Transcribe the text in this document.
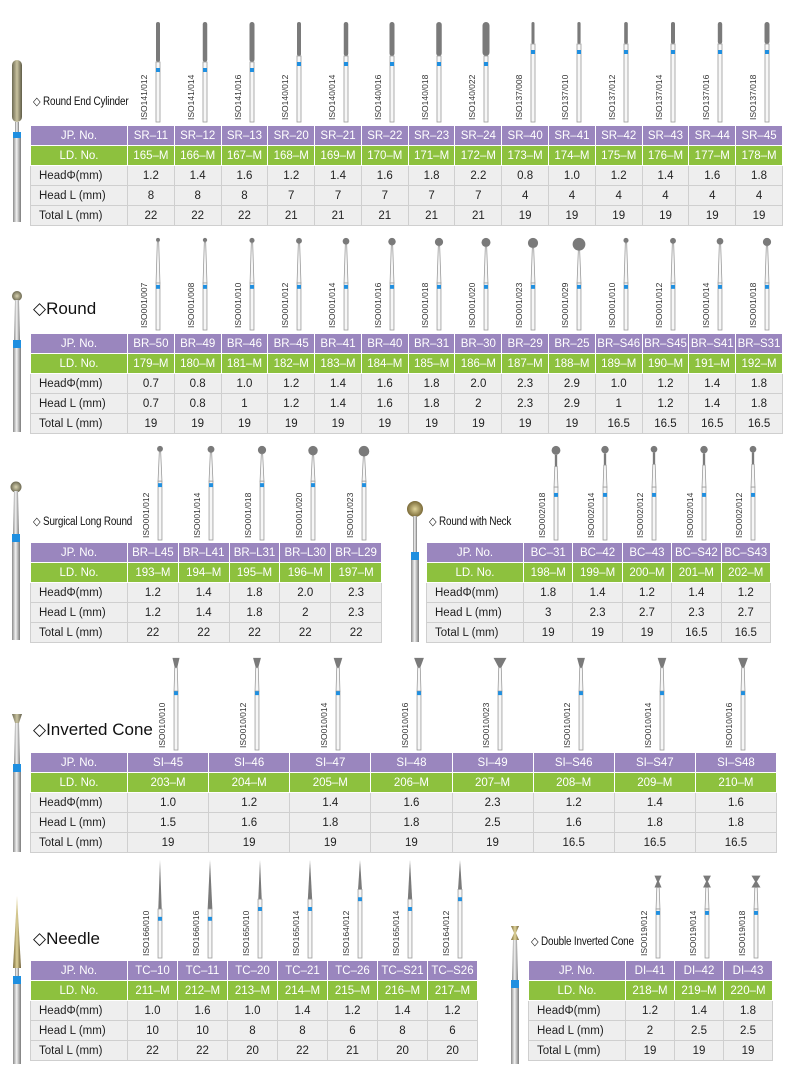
◇ Round End Cylinder ISO141/012	ISO141/014	ISO141/016	ISO140/012	ISO140/014	ISO140/016	ISO140/018	ISO140/022	ISO137/008	ISO137/010	ISO137/012	ISO137/014	ISO137/016	ISO137/018
JP. No.	SR–11	SR–12	SR–13	SR–20	SR–21	SR–22	SR–23	SR–24	SR–40	SR–41	SR–42	SR–43	SR–44	SR–45
LD. No.	165–M	166–M	167–M	168–M	169–M	170–M	171–M	172–M	173–M	174–M	175–M	176–M	177–M	178–M
HeadΦ(mm)	1.2	1.4	1.6	1.2	1.4	1.6	1.8	2.2	0.8	1.0	1.2	1.4	1.6	1.8
Head L (mm)	8	8	8	7	7	7	7	7	4	4	4	4	4	4
Total L (mm)	22	22	22	21	21	21	21	21	19	19	19	19	19	19
◇Round	ISO001/007	ISO001/008	ISO001/010	ISO001/012	ISO001/014	ISO001/016	ISO001/018	ISO001/020	ISO001/023	ISO001/029	ISO001/010	ISO001/012	ISO001/014	ISO001/018
JP. No.	BR–50	BR–49	BR–46	BR–45	BR–41	BR–40	BR–31	BR–30	BR–29	BR–25	BR–S46	BR–S45	BR–S41	BR–S31
LD. No.	179–M	180–M	181–M	182–M	183–M	184–M	185–M	186–M	187–M	188–M	189–M	190–M	191–M	192–M
HeadΦ(mm)	0.7	0.8	1.0	1.2	1.4	1.6	1.8	2.0	2.3	2.9	1.0	1.2	1.4	1.8
Head L (mm)	0.7	0.8	1	1.2	1.4	1.6	1.8	2	2.3	2.9	1	1.2	1.4	1.8
Total L (mm)	19	19	19	19	19	19	19	19	19	19	16.5	16.5	16.5	16.5
◇ Surgical Long Round ISO001/012	ISO001/014	ISO001/018	ISO001/020	ISO001/023
JP. No.	BR–L45	BR–L41	BR–L31	BR–L30	BR–L29
LD. No.	193–M	194–M	195–M	196–M	197–M
HeadΦ(mm)	1.2	1.4	1.8	2.0	2.3
Head L (mm)	1.2	1.4	1.8	2	2.3
Total L (mm)	22	22	22	22	22
◇ Round with Neck	ISO002/018	ISO002/014	ISO002/012	ISO002/014	ISO002/012
JP. No.	BC–31	BC–42	BC–43	BC–S42	BC–S43
LD. No.	198–M	199–M	200–M	201–M	202–M
HeadΦ(mm)	1.8	1.4	1.2	1.4	1.2
Head L (mm)	3	2.3	2.7	2.3	2.7
Total L (mm)	19	19	19	16.5	16.5
◇Inverted Cone ISO010/010	ISO010/012	ISO010/014	ISO010/016	ISO010/023	ISO010/012	ISO010/014	ISO010/016
JP. No.	SI–45	SI–46	SI–47	SI–48	SI–49	SI–S46	SI–S47	SI–S48
LD. No.	203–M	204–M	205–M	206–M	207–M	208–M	209–M	210–M
HeadΦ(mm)	1.0	1.2	1.4	1.6	2.3	1.2	1.4	1.6
Head L (mm)	1.5	1.6	1.8	1.8	2.5	1.6	1.8	1.8
Total L (mm)	19	19	19	19	19	16.5	16.5	16.5
◇Needle	ISO166/010	ISO166/016	ISO165/010	ISO165/014	ISO164/012	ISO165/014	ISO164/012
JP. No.	TC–10	TC–11	TC–20	TC–21	TC–26	TC–S21	TC–S26
LD. No.	211–M	212–M	213–M	214–M	215–M	216–M	217–M
HeadΦ(mm)	1.0	1.6	1.0	1.4	1.2	1.4	1.2
Head L (mm)	10	10	8	8	6	8	6
Total L (mm)	22	22	20	22	21	20	20
◇ Double Inverted Cone ISO019/012	ISO019/014	ISO019/018
JP. No.	DI–41	DI–42	DI–43
LD. No.	218–M	219–M	220–M
HeadΦ(mm)	1.2	1.4	1.8
Head L (mm)	2	2.5	2.5
Total L (mm)	19	19	19
